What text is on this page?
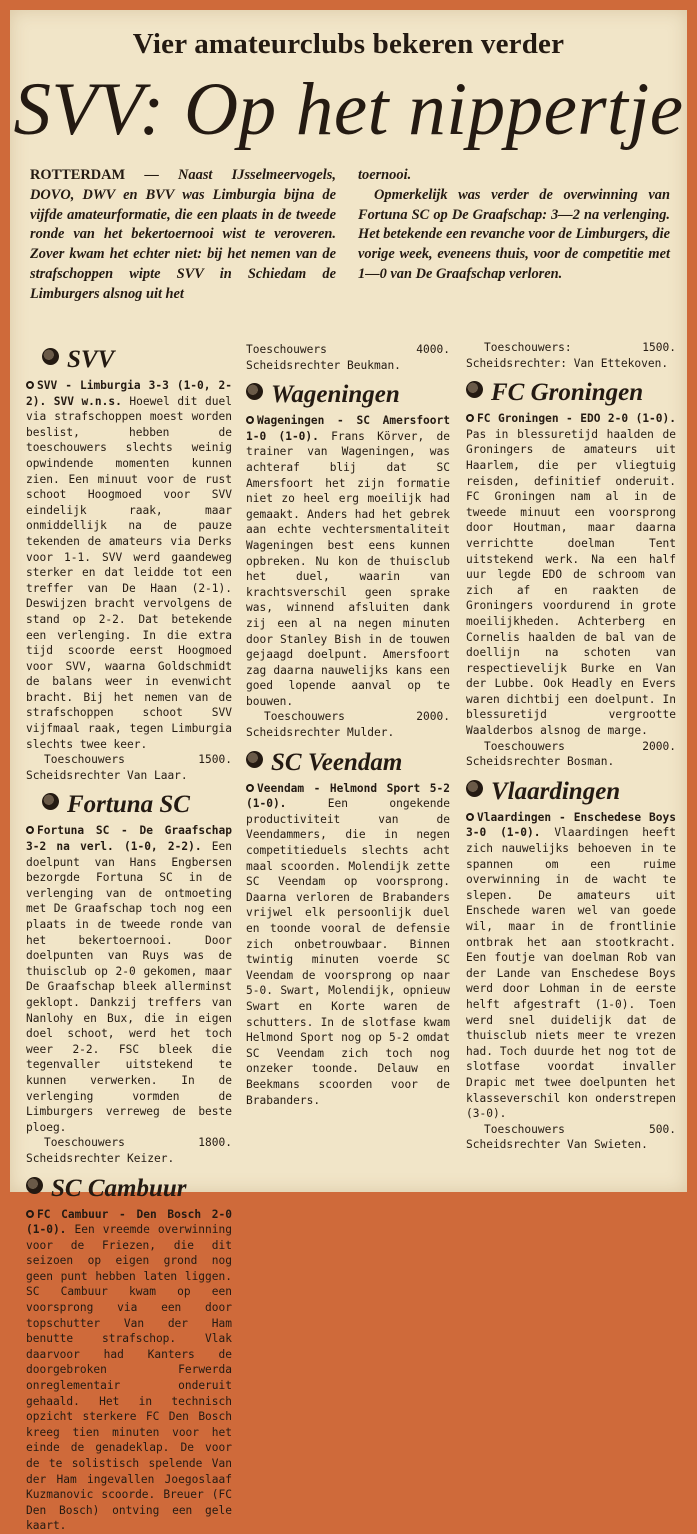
Vier amateurclubs bekeren verder
SVV: Op het nippertje
ROTTERDAM — Naast IJsselmeervogels, DOVO, DWV en BVV was Limburgia bijna de vijfde amateurformatie, die een plaats in de tweede ronde van het bekertoernooi wist te veroveren. Zover kwam het echter niet: bij het nemen van de strafschoppen wipte SVV in Schiedam de Limburgers alsnog uit het
toernooi.
Opmerkelijk was verder de overwinning van Fortuna SC op De Graafschap: 3—2 na verlenging. Het betekende een revanche voor de Limburgers, die vorige week, eveneens thuis, voor de competitie met 1—0 van De Graafschap verloren.
SVV

SVV - Limburgia 3-3 (1-0, 2-2). SVV w.n.s. Hoewel dit duel via strafschoppen moest worden beslist, hebben de toeschouwers slechts weinig opwindende momenten kunnen zien. Een minuut voor de rust schoot Hoogmoed voor SVV eindelijk raak, maar onmiddellijk na de pauze tekenden de amateurs via Derks voor 1-1. SVV werd gaandeweg sterker en dat leidde tot een treffer van De Haan (2-1). Deswijzen bracht vervolgens de stand op 2-2. Dat betekende een verlenging. In die extra tijd scoorde eerst Hoogmoed voor SVV, waarna Goldschmidt de balans weer in evenwicht bracht. Bij het nemen van de strafschoppen schoot SVV vijfmaal raak, tegen Limburgia slechts twee keer.

Toeschouwers 1500. Scheidsrechter Van Laar.

Fortuna SC

Fortuna SC - De Graafschap 3-2 na verl. (1-0, 2-2). Een doelpunt van Hans Engbersen bezorgde Fortuna SC in de verlenging van de ontmoeting met De Graafschap toch nog een plaats in de tweede ronde van het bekertoernooi. Door doelpunten van Ruys was de thuisclub op 2-0 gekomen, maar De Graafschap bleek allerminst geklopt. Dankzij treffers van Nanlohy en Bux, die in eigen doel schoot, werd het toch weer 2-2. FSC bleek die tegenvaller uitstekend te kunnen verwerken. In de verlenging vormden de Limburgers verreweg de beste ploeg.

Toeschouwers 1800. Scheidsrechter Keizer.

SC Cambuur

FC Cambuur - Den Bosch 2-0 (1-0). Een vreemde overwinning voor de Friezen, die dit seizoen op eigen grond nog geen punt hebben laten liggen. SC Cambuur kwam op een voorsprong via een door topschutter Van der Ham benutte strafschop. Vlak daarvoor had Kanters de doorgebroken Ferwerda onreglementair onderuit gehaald. Het in technisch opzicht sterkere FC Den Bosch kreeg tien minuten voor het einde de genadeklap. De voor de te solistisch spelende Van der Ham ingevallen Joegoslaaf Kuzmanovic scoorde. Breuer (FC Den Bosch) ontving een gele kaart.

Toeschouwers 4000. Scheidsrechter Beukman.

Wageningen

Wageningen - SC Amersfoort 1-0 (1-0). Frans Körver, de trainer van Wageningen, was achteraf blij dat SC Amersfoort het zijn formatie niet zo heel erg moeilijk had gemaakt. Anders had het gebrek aan echte vechtersmentaliteit Wageningen best eens kunnen opbreken. Nu kon de thuisclub het duel, waarin van krachtsverschil geen sprake was, winnend afsluiten dank zij een al na negen minuten door Stanley Bish in de touwen gejaagd doelpunt. Amersfoort zag daarna nauwelijks kans een goed lopende aanval op te bouwen.

Toeschouwers 2000. Scheidsrechter Mulder.

SC Veendam

Veendam - Helmond Sport 5-2 (1-0).	Een ongekende productiviteit van de Veendammers, die in negen competitieduels slechts acht maal scoorden. Molendijk zette SC Veendam op voorsprong. Daarna verloren de Brabanders vrijwel elk persoonlijk duel en toonde vooral de defensie zich onbetrouwbaar. Binnen twintig minuten voerde SC Veendam de voorsprong op naar 5-0. Swart, Molendijk, opnieuw Swart en Korte waren de schutters. In de slotfase kwam Helmond Sport nog op 5-2 omdat SC Veendam zich toch nog onzeker toonde. Delauw en Beekmans scoorden voor de Brabanders.

Toeschouwers: 1500. Scheidsrechter: Van Ettekoven.

FC Groningen

FC Groningen - EDO 2-0 (1-0). Pas in blessuretijd haalden de Groningers de amateurs uit Haarlem, die per vliegtuig reisden, definitief onderuit. FC Groningen nam al in de tweede minuut een voorsprong door Houtman, maar daarna verrichtte doelman Tent uitstekend werk. Na een half uur legde EDO de schroom van zich af en raakten de Groningers voordurend in grote moeilijkheden. Achterberg en Cornelis haalden de bal van de doellijn na schoten van respectievelijk Burke en Van der Lubbe. Ook Headly en Evers waren dichtbij een doelpunt. In blessuretijd vergrootte Waalderbos alsnog de marge.

Toeschouwers 2000. Scheidsrechter Bosman.

Vlaardingen

Vlaardingen - Enschedese Boys 3-0 (1-0). Vlaardingen heeft zich nauwelijks behoeven in te spannen om een ruime overwinning in de wacht te slepen. De amateurs uit Enschede waren wel van goede wil, maar in de frontlinie ontbrak het aan stootkracht. Een foutje van doelman Rob van der Lande van Enschedese Boys werd door Lohman in de eerste helft afgestraft (1-0). Toen werd snel duidelijk dat de thuisclub niets meer te vrezen had. Toch duurde het nog tot de slotfase voordat invaller Drapic met twee doelpunten het klasseverschil kon onderstrepen (3-0).

Toeschouwers 500. Scheidsrechter Van Swieten.
